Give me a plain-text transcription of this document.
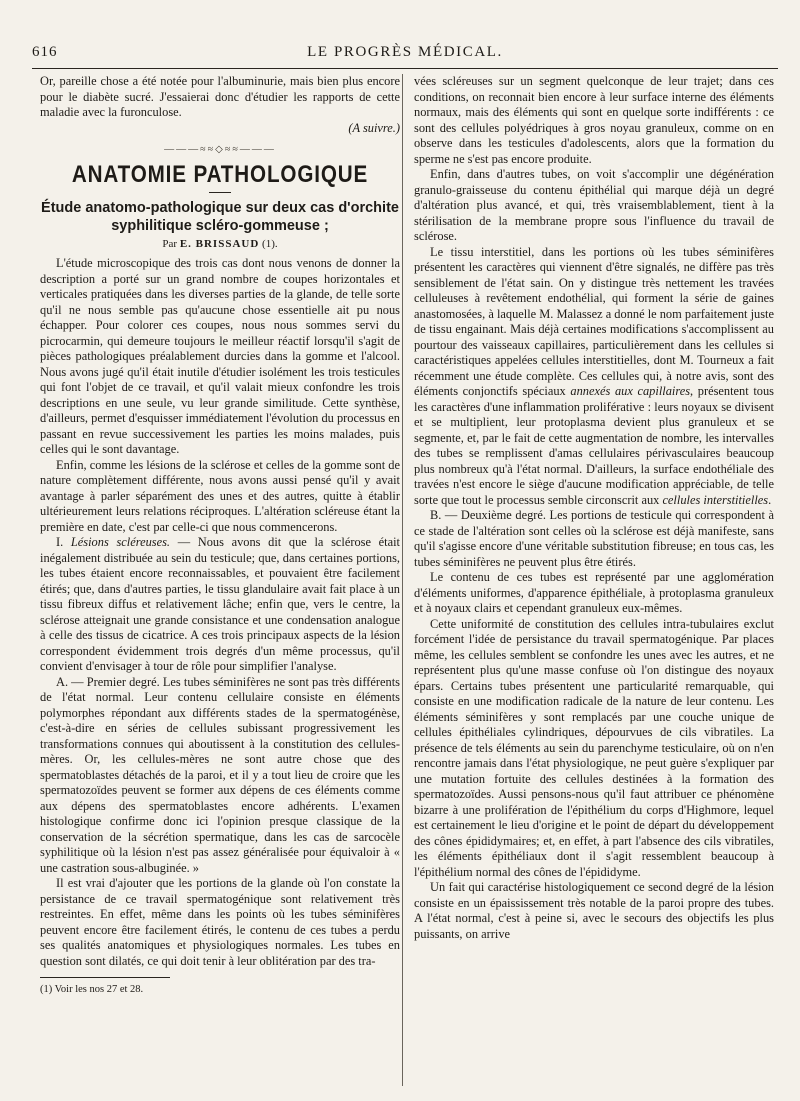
616	LE PROGRÈS MÉDICAL.

Or, pareille chose a été notée pour l'albuminurie, mais bien plus encore pour le diabète sucré. J'essaierai donc d'étudier les rapports de cette maladie avec la furonculose.

(A suivre.)

———≈≈◇≈≈———
ANATOMIE PATHOLOGIQUE
Étude anatomo-pathologique sur deux cas d'orchite syphilitique scléro-gommeuse ;
Par E. BRISSAUD (1).

L'étude microscopique des trois cas dont nous venons de donner la description a porté sur un grand nombre de coupes horizontales et verticales pratiquées dans les diverses parties de la glande, de telle sorte qu'il ne nous semble pas qu'aucune chose essentielle ait pu nous échapper. Pour colorer ces coupes, nous nous sommes servi du picrocarmin, qui demeure toujours le meilleur réactif lorsqu'il s'agit de pièces pathologiques préalablement durcies dans la gomme et l'alcool. Nous avons jugé qu'il était inutile d'étudier isolément les trois testicules qui font l'objet de ce travail, et qu'il valait mieux confondre les trois descriptions en une seule, vu leur grande similitude. Cette synthèse, d'ailleurs, permet d'esquisser immédiatement l'évolution du processus en passant en revue successivement les parties les moins malades, puis celles qui le sont davantage.

Enfin, comme les lésions de la sclérose et celles de la gomme sont de nature complètement différente, nous avons aussi pensé qu'il y avait avantage à parler séparément des unes et des autres, quitte à établir ultérieurement leurs relations réciproques. L'altération scléreuse étant la première en date, c'est par celle-ci que nous commencerons.

I. Lésions scléreuses. — Nous avons dit que la sclérose était inégalement distribuée au sein du testicule; que, dans certaines portions, les tubes étaient encore reconnaissables, et pouvaient être facilement étirés; que, dans d'autres parties, le tissu glandulaire avait fait place à un tissu fibreux diffus et relativement lâche; enfin que, vers le centre, la sclérose atteignait une grande consistance et une condensation analogue à celle des tissus de cicatrice. A ces trois principaux aspects de la lésion correspondent évidemment trois degrés d'un même processus, qu'il convient d'envisager à tour de rôle pour simplifier l'analyse.

A. — Premier degré. Les tubes séminifères ne sont pas très différents de l'état normal. Leur contenu cellulaire consiste en éléments polymorphes répondant aux différents stades de la spermatogénèse, c'est-à-dire en séries de cellules subissant progressivement les transformations connues qui aboutissent à la constitution des cellules-mères. Or, les cellules-mères ne sont autre chose que des spermatoblastes détachés de la paroi, et il y a tout lieu de croire que les spermatozoïdes peuvent se former aux dépens de ces éléments comme aux dépens des spermatoblastes encore adhérents. L'examen histologique confirme donc ici l'opinion presque classique de la conservation de la sécrétion spermatique, dans les cas de sarcocèle syphilitique où la lésion n'est pas assez généralisée pour équivaloir à « une castration sous-albuginée. »

Il est vrai d'ajouter que les portions de la glande où l'on constate la persistance de ce travail spermatogénique sont relativement très restreintes. En effet, même dans les points où les tubes séminifères peuvent encore être facilement étirés, le contenu de ces tubes a perdu ses qualités anatomiques et physiologiques normales. Les tubes en question sont dilatés, ce qui doit tenir à leur oblitération par des tra-

(1) Voir les nos 27 et 28.

vées scléreuses sur un segment quelconque de leur trajet; dans ces conditions, on reconnait bien encore à leur surface interne des éléments normaux, mais des éléments qui sont en quelque sorte indifférents : ce sont des cellules polyédriques à gros noyau granuleux, comme on en observe dans les testicules d'adolescents, alors que la formation du sperme ne s'est pas encore produite.

Enfin, dans d'autres tubes, on voit s'accomplir une dégénération granulo-graisseuse du contenu épithélial qui marque déjà un degré d'altération plus avancé, et qui, très vraisemblablement, tient à la stérilisation de la membrane propre sous l'influence du travail de sclérose.

Le tissu interstitiel, dans les portions où les tubes séminifères présentent les caractères qui viennent d'être signalés, ne diffère pas très sensiblement de l'état sain. On y distingue très nettement les travées celluleuses à revêtement endothélial, qui forment la série de gaines anastomosées, à laquelle M. Malassez a donné le nom parfaitement juste de tissu engainant. Mais déjà certaines modifications s'accomplissent au pourtour des vaisseaux capillaires, particulièrement dans les cellules si caractéristiques appelées cellules interstitielles, dont M. Tourneux a fait récemment une étude complète. Ces cellules qui, à notre avis, sont des éléments conjonctifs spéciaux annexés aux capillaires, présentent tous les caractères d'une inflammation proliférative : leurs noyaux se divisent et se multiplient, leur protoplasma devient plus granuleux et se segmente, et, par le fait de cette augmentation de nombre, les intervalles des tubes se remplissent d'amas cellulaires périvasculaires beaucoup plus nombreux qu'à l'état normal. D'ailleurs, la surface endothéliale des travées n'est encore le siège d'aucune modification appréciable, de telle sorte que tout le processus semble circonscrit aux cellules interstitielles.

B. — Deuxième degré. Les portions de testicule qui correspondent à ce stade de l'altération sont celles où la sclérose est déjà manifeste, sans qu'il s'agisse encore d'une véritable substitution fibreuse; en tous cas, les tubes séminifères ne peuvent plus être étirés.

Le contenu de ces tubes est représenté par une agglomération d'éléments uniformes, d'apparence épithéliale, à protoplasma granuleux et à noyaux clairs et cependant granuleux eux-mêmes.

Cette uniformité de constitution des cellules intra-tubulaires exclut forcément l'idée de persistance du travail spermatogénique. Par places même, les cellules semblent se confondre les unes avec les autres, et ne représentent plus qu'une masse confuse où l'on distingue des noyaux épars. Certains tubes présentent une particularité remarquable, qui consiste en une modification radicale de la nature de leur contenu. Les éléments séminifères y sont remplacés par une couche unique de cellules épithéliales cylindriques, dépourvues de cils vibratiles. La présence de tels éléments au sein du parenchyme testiculaire, où on n'en rencontre jamais dans l'état physiologique, ne peut guère s'expliquer par une mutation fortuite des cellules destinées à la formation des spermatozoïdes. Aussi pensons-nous qu'il faut attribuer ce phénomène bizarre à une prolifération de l'épithélium du corps d'Highmore, lequel est certainement le lieu d'origine et le point de départ du développement des cônes épididymaires; et, en effet, à part l'absence des cils vibratiles, les éléments épithéliaux dont il s'agit ressemblent beaucoup à l'épithélium normal des cônes de l'épididyme.

Un fait qui caractérise histologiquement ce second degré de la lésion consiste en un épaississement très notable de la paroi propre des tubes. A l'état normal, c'est à peine si, avec le secours des objectifs les plus puissants, on arrive
